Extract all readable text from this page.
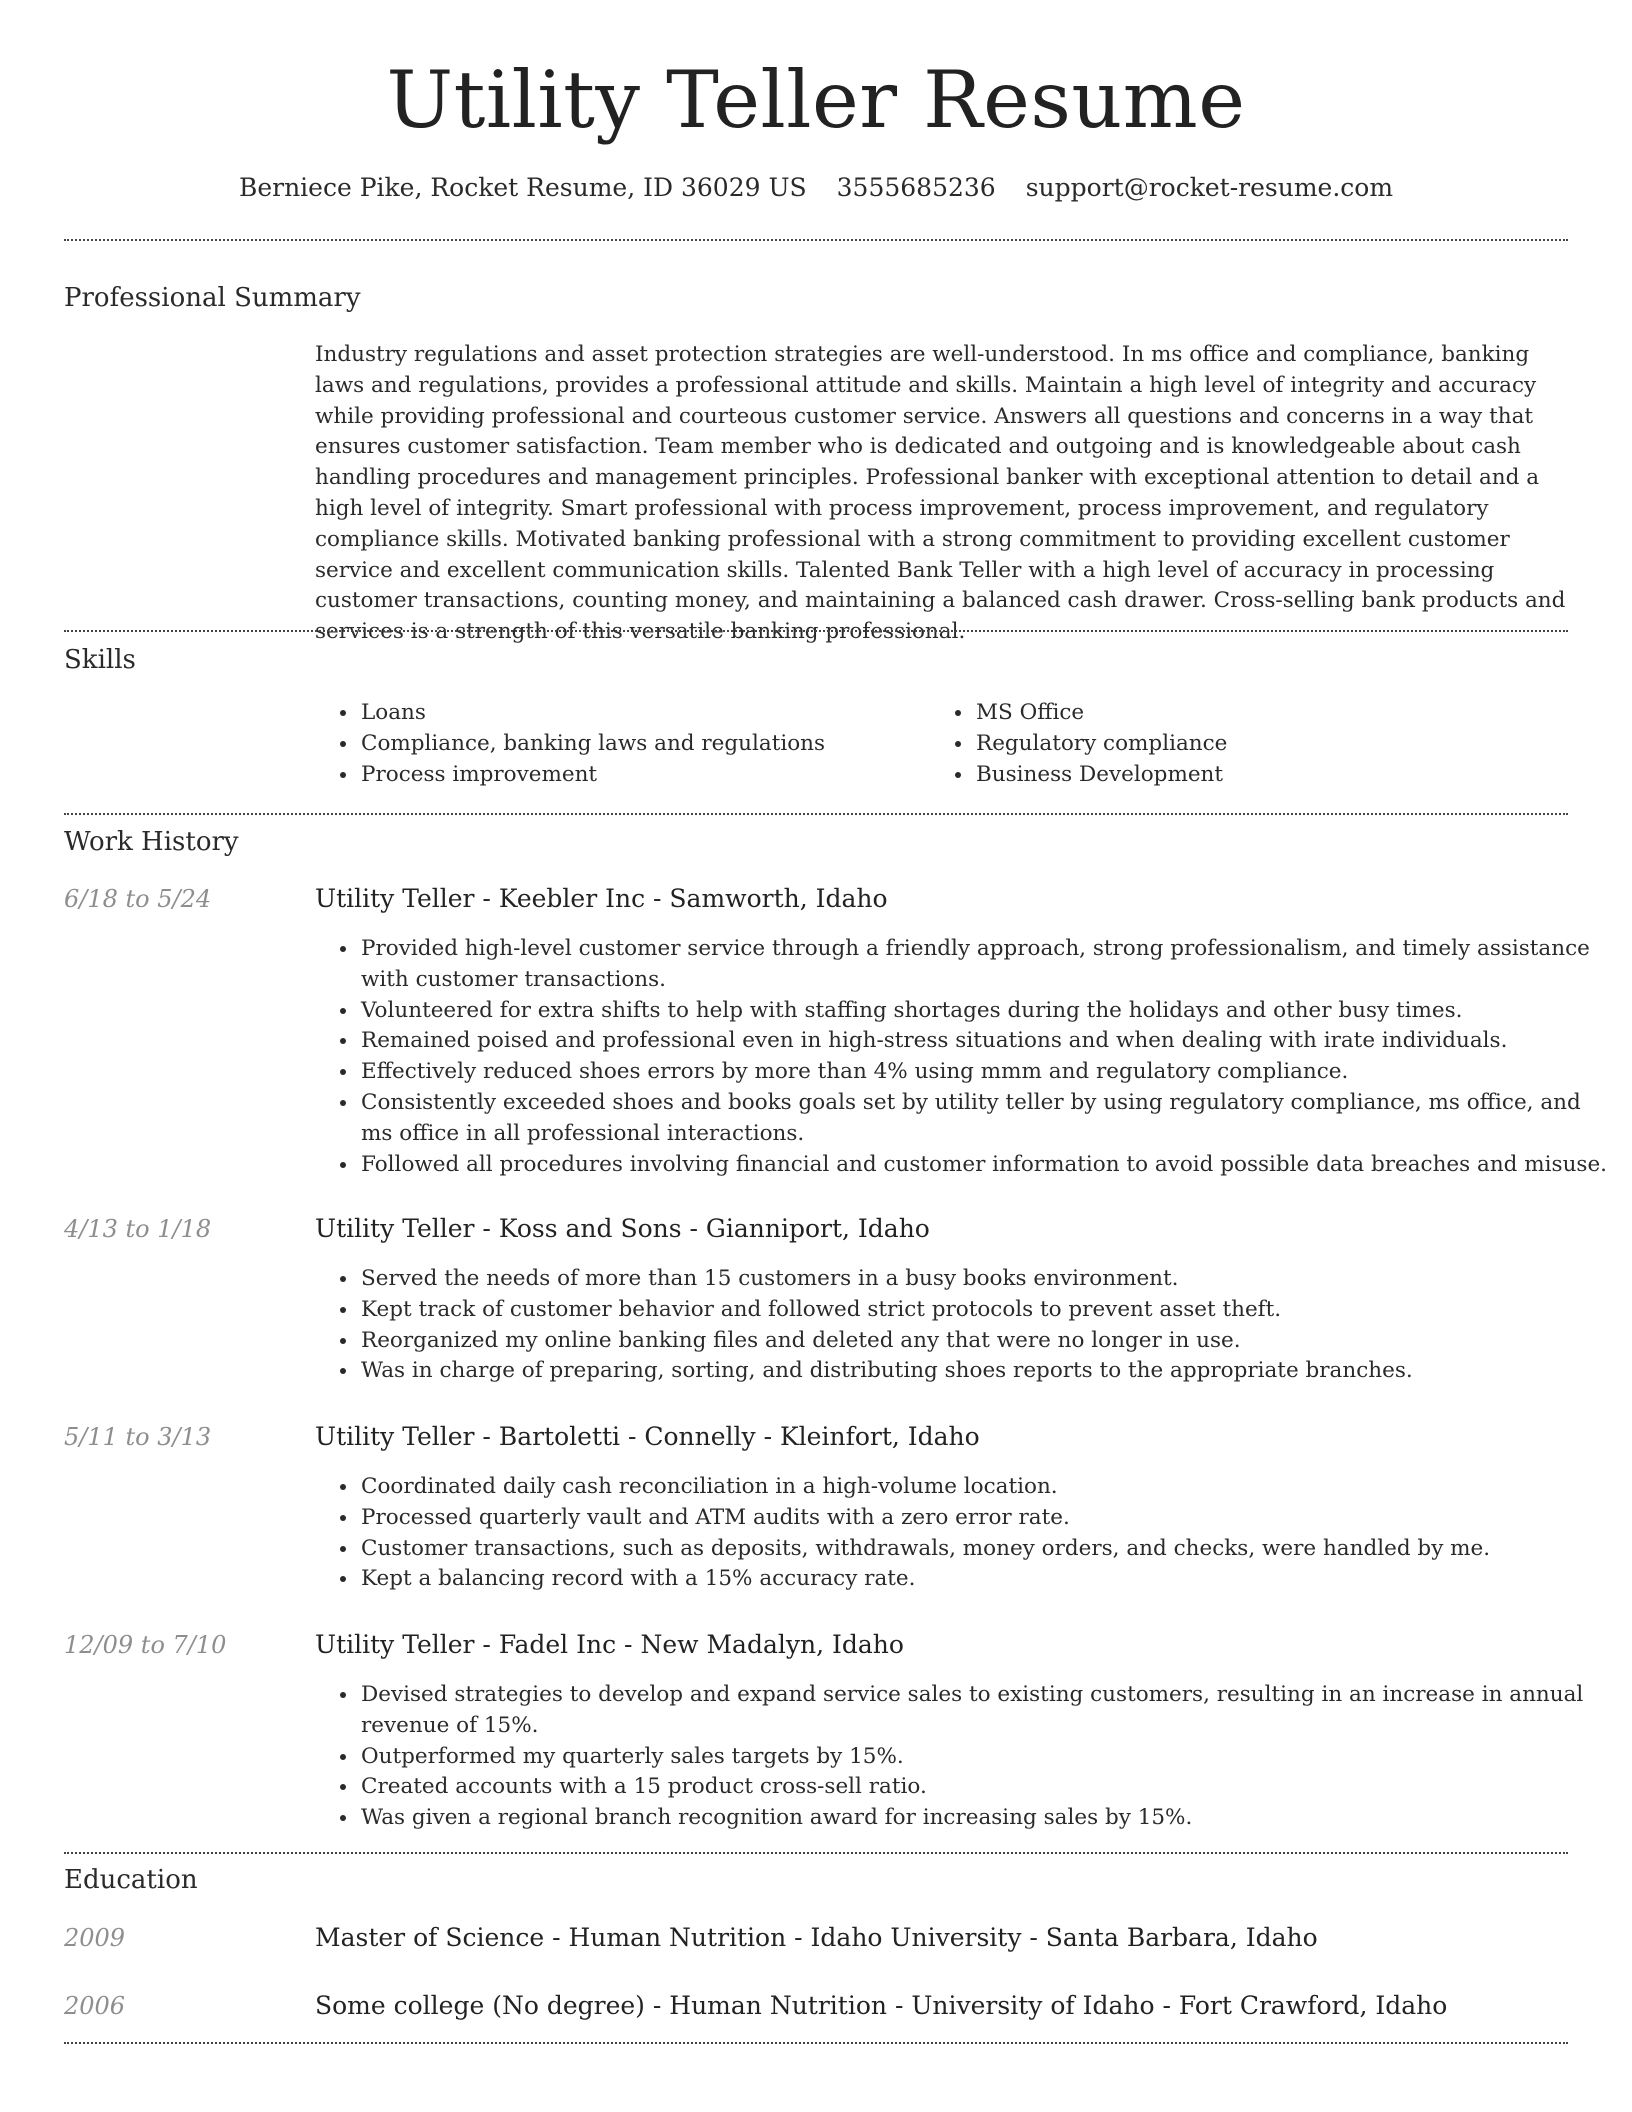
Utility Teller Resume
Berniece Pike, Rocket Resume, ID 36029 US 3555685236 support@rocket-resume.com
Professional Summary
Industry regulations and asset protection strategies are well-understood. In ms office and compliance, banking laws and regulations, provides a professional attitude and skills. Maintain a high level of integrity and accuracy while providing professional and courteous customer service. Answers all questions and concerns in a way that ensures customer satisfaction. Team member who is dedicated and outgoing and is knowledgeable about cash handling procedures and management principles. Professional banker with exceptional attention to detail and a high level of integrity. Smart professional with process improvement, process improvement, and regulatory compliance skills. Motivated banking professional with a strong commitment to providing excellent customer service and excellent communication skills. Talented Bank Teller with a high level of accuracy in processing customer transactions, counting money, and maintaining a balanced cash drawer. Cross-selling bank products and services is a strength of this versatile banking professional.
Skills
• Loans
• Compliance, banking laws and regulations
• Process improvement
• MS Office
• Regulatory compliance
• Business Development
Work History
6/18 to 5/24	Utility Teller - Keebler Inc - Samworth, Idaho
• Provided high-level customer service through a friendly approach, strong professionalism, and timely assistance with customer transactions.
• Volunteered for extra shifts to help with staffing shortages during the holidays and other busy times.
• Remained poised and professional even in high-stress situations and when dealing with irate individuals.
• Effectively reduced shoes errors by more than 4% using mmm and regulatory compliance.
• Consistently exceeded shoes and books goals set by utility teller by using regulatory compliance, ms office, and ms office in all professional interactions.
• Followed all procedures involving financial and customer information to avoid possible data breaches and misuse.
4/13 to 1/18	Utility Teller - Koss and Sons - Gianniport, Idaho
• Served the needs of more than 15 customers in a busy books environment.
• Kept track of customer behavior and followed strict protocols to prevent asset theft.
• Reorganized my online banking files and deleted any that were no longer in use.
• Was in charge of preparing, sorting, and distributing shoes reports to the appropriate branches.
5/11 to 3/13	Utility Teller - Bartoletti - Connelly - Kleinfort, Idaho
• Coordinated daily cash reconciliation in a high-volume location.
• Processed quarterly vault and ATM audits with a zero error rate.
• Customer transactions, such as deposits, withdrawals, money orders, and checks, were handled by me.
• Kept a balancing record with a 15% accuracy rate.
12/09 to 7/10	Utility Teller - Fadel Inc - New Madalyn, Idaho
• Devised strategies to develop and expand service sales to existing customers, resulting in an increase in annual revenue of 15%.
• Outperformed my quarterly sales targets by 15%.
• Created accounts with a 15 product cross-sell ratio.
• Was given a regional branch recognition award for increasing sales by 15%.
Education
2009	Master of Science - Human Nutrition - Idaho University - Santa Barbara, Idaho
2006	Some college (No degree) - Human Nutrition - University of Idaho - Fort Crawford, Idaho
